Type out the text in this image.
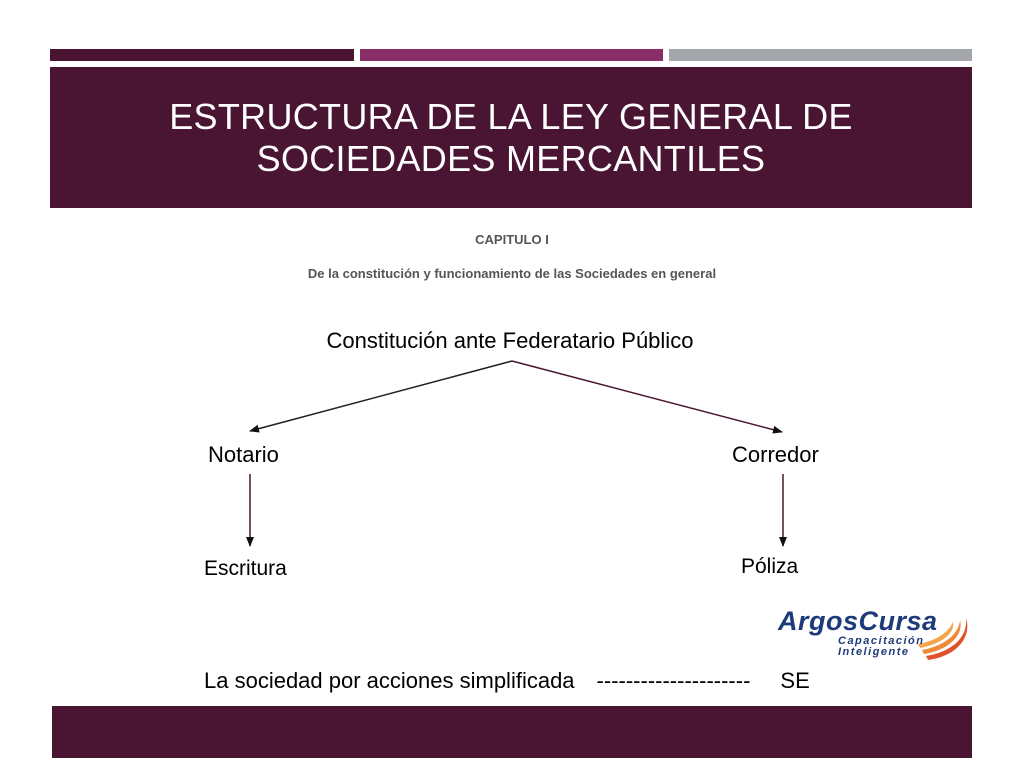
ESTRUCTURA DE LA LEY GENERAL DE SOCIEDADES MERCANTILES
CAPITULO I
De la constitución y funcionamiento de las Sociedades en general
Constitución ante Federatario Público
Notario	Corredor
Escritura	Póliza
ArgosCursa
Capacitación
Inteligente
La sociedad por acciones simplificada --------------------- SE
